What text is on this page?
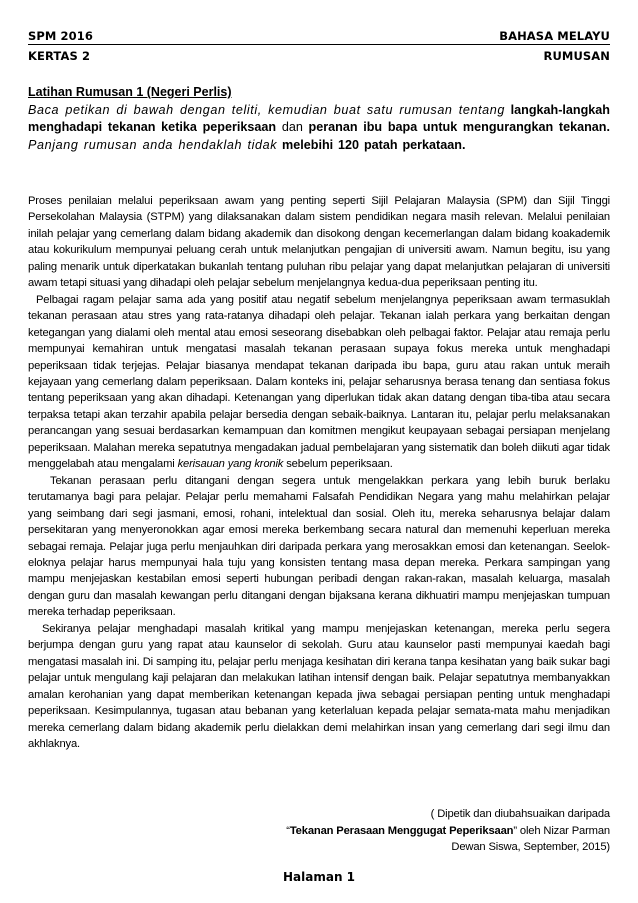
SPM 2016	BAHASA MELAYU
KERTAS 2	RUMUSAN
Latihan Rumusan 1 (Negeri Perlis)
Baca petikan di bawah dengan teliti, kemudian buat satu rumusan tentang langkah-langkah menghadapi tekanan ketika peperiksaan dan peranan ibu bapa untuk mengurangkan tekanan. Panjang rumusan anda hendaklah tidak melebihi 120 patah perkataan.

Proses penilaian melalui peperiksaan awam yang penting seperti Sijil Pelajaran Malaysia (SPM) dan Sijil Tinggi Persekolahan Malaysia (STPM) yang dilaksanakan dalam sistem pendidikan negara masih relevan. Melalui penilaian inilah pelajar yang cemerlang dalam bidang akademik dan disokong dengan kecemerlangan dalam bidang koakademik atau kokurikulum mempunyai peluang cerah untuk melanjutkan pengajian di universiti awam. Namun begitu, isu yang paling menarik untuk diperkatakan bukanlah tentang puluhan ribu pelajar yang dapat melanjutkan pelajaran di universiti awam tetapi situasi yang dihadapi oleh pelajar sebelum menjelangnya kedua-dua peperiksaan penting itu.

Pelbagai ragam pelajar sama ada yang positif atau negatif sebelum menjelangnya peperiksaan awam termasuklah tekanan perasaan atau stres yang rata-ratanya dihadapi oleh pelajar. Tekanan ialah perkara yang berkaitan dengan ketegangan yang dialami oleh mental atau emosi seseorang disebabkan oleh pelbagai faktor. Pelajar atau remaja perlu mempunyai kemahiran untuk mengatasi masalah tekanan perasaan supaya fokus mereka untuk menghadapi peperiksaan tidak terjejas. Pelajar biasanya mendapat tekanan daripada ibu bapa, guru atau rakan untuk meraih kejayaan yang cemerlang dalam peperiksaan. Dalam konteks ini, pelajar seharusnya berasa tenang dan sentiasa fokus tentang peperiksaan yang akan dihadapi. Ketenangan yang diperlukan tidak akan datang dengan tiba-tiba atau secara terpaksa tetapi akan terzahir apabila pelajar bersedia dengan sebaik-baiknya. Lantaran itu, pelajar perlu melaksanakan perancangan yang sesuai berdasarkan kemampuan dan komitmen mengikut keupayaan sebagai persiapan menjelang peperiksaan. Malahan mereka sepatutnya mengadakan jadual pembelajaran yang sistematik dan boleh diikuti agar tidak menggelabah atau mengalami kerisauan yang kronik sebelum peperiksaan.

Tekanan perasaan perlu ditangani dengan segera untuk mengelakkan perkara yang lebih buruk berlaku terutamanya bagi para pelajar. Pelajar perlu memahami Falsafah Pendidikan Negara yang mahu melahirkan pelajar yang seimbang dari segi jasmani, emosi, rohani, intelektual dan sosial. Oleh itu, mereka seharusnya belajar dalam persekitaran yang menyeronokkan agar emosi mereka berkembang secara natural dan memenuhi keperluan mereka sebagai remaja. Pelajar juga perlu menjauhkan diri daripada perkara yang merosakkan emosi dan ketenangan. Seelok-eloknya pelajar harus mempunyai hala tuju yang konsisten tentang masa depan mereka. Perkara sampingan yang mampu menjejaskan kestabilan emosi seperti hubungan peribadi dengan rakan-rakan, masalah keluarga, masalah dengan guru dan masalah kewangan perlu ditangani dengan bijaksana kerana dikhuatiri mampu menjejaskan tumpuan mereka terhadap peperiksaan.

Sekiranya pelajar menghadapi masalah kritikal yang mampu menjejaskan ketenangan, mereka perlu segera berjumpa dengan guru yang rapat atau kaunselor di sekolah. Guru atau kaunselor pasti mempunyai kaedah bagi mengatasi masalah ini. Di samping itu, pelajar perlu menjaga kesihatan diri kerana tanpa kesihatan yang baik sukar bagi pelajar untuk mengulang kaji pelajaran dan melakukan latihan intensif dengan baik. Pelajar sepatutnya membanyakkan amalan kerohanian yang dapat memberikan ketenangan kepada jiwa sebagai persiapan penting untuk menghadapi peperiksaan. Kesimpulannya, tugasan atau bebanan yang keterlaluan kepada pelajar semata-mata mahu menjadikan mereka cemerlang dalam bidang akademik perlu dielakkan demi melahirkan insan yang cemerlang dari segi ilmu dan akhlaknya.

( Dipetik dan diubahsuaikan daripada
“Tekanan Perasaan Menggugat Peperiksaan” oleh Nizar Parman
Dewan Siswa, September, 2015)
Halaman 1
